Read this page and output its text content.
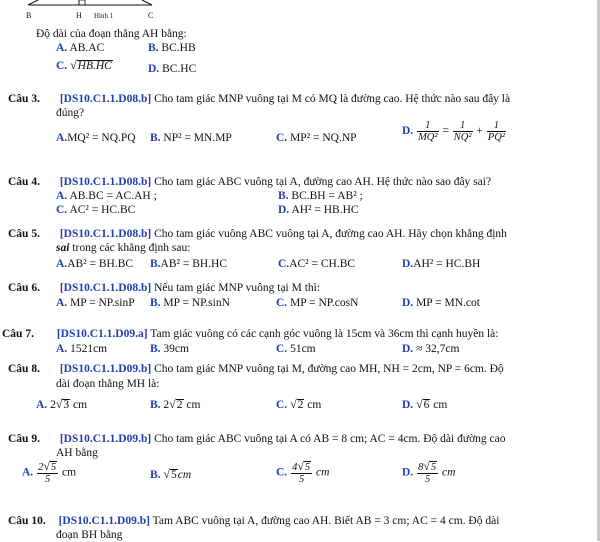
B	H Hình 1	C
Độ dài của đoạn thẳng AH bằng:
A. AB.AC	B. BC.HB
C. √HB.HC	D. BC.HC
Câu 3. [DS10.C1.1.D08.b] Cho tam giác MNP vuông tại M có MQ là đường cao. Hệ thức nào sau đây là
đúng?
A.MQ² = NQ.PQ B. NP² = MN.MP	C. MP² = NQ.NP
D. $\frac{1}{\text{MQ²}} = \frac{1}{\text{NQ²}} + \frac{1}{\text{PQ²}}$
Câu 4. [DS10.C1.1.D08.b] Cho tam giác ABC vuông tại A, đường cao AH. Hệ thức nào sao đây sai?
A. AB.BC = AC.AH ;	B. BC.BH = AB² ;
C. AC² = HC.BC	D. AH² = HB.HC
Câu 5. [DS10.C1.1.D08.b] Cho tam giác vuông ABC vuông tại A, đường cao AH. Hãy chọn khẳng định
sai trong các khẳng định sau:
A.AB² = BH.BC B.AB² = BH.HC	C.AC² = CH.BC	D.AH² = HC.BH
Câu 6. [DS10.C1.1.D08.b] Nếu tam giác MNP vuông tại M thì:
A. MP = NP.sinP B. MP = NP.sinN	C. MP = NP.cosN	D. MP = MN.cot
Câu 7. [DS10.C1.1.D09.a] Tam giác vuông có các cạnh góc vuông là 15cm và 36cm thì cạnh huyền là:
A. 1521cm	B. 39cm	C. 51cm	D. ≈ 32,7cm
Câu 8. [DS10.C1.1.D09.b] Cho tam giác MNP vuông tại M, đường cao MH, NH = 2cm, NP = 6cm. Độ
dài đoạn thẳng MH là:
A. 2√3 cm	B. 2√2 cm	C. √2 cm	D. √6 cm
Câu 9. [DS10.C1.1.D09.b] Cho tam giác ABC vuông tại A có AB = 8 cm; AC = 4cm. Độ dài đường cao
AH bằng
A. $\frac{2√5}{5}$ cm	B. √5cm	C. $\frac{4√5}{5}$ cm	D. $\frac{8√5}{5}$ cm
Câu 10. [DS10.C1.1.D09.b] Tam ABC vuông tại A, đường cao AH. Biết AB = 3 cm; AC = 4 cm. Độ dài
đoạn BH bằng
